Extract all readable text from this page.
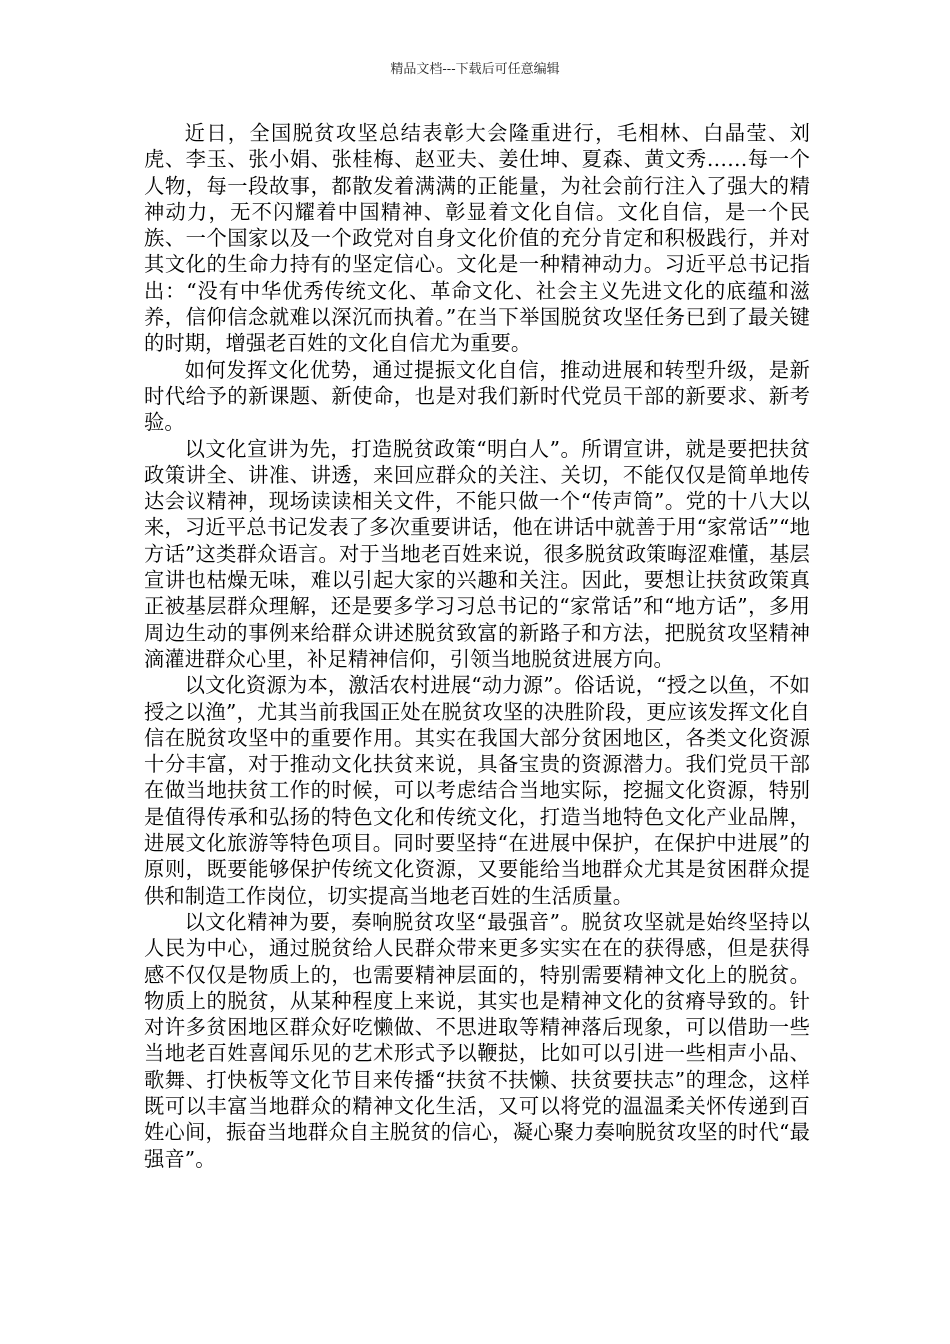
精品文档---下载后可任意编辑

近日，全国脱贫攻坚总结表彰大会隆重进行，毛相林、白晶莹、刘虎、李玉、张小娟、张桂梅、赵亚夫、姜仕坤、夏森、黄文秀……每一个人物，每一段故事，都散发着满满的正能量，为社会前行注入了强大的精神动力，无不闪耀着中国精神、彰显着文化自信。文化自信，是一个民族、一个国家以及一个政党对自身文化价值的充分肯定和积极践行，并对其文化的生命力持有的坚定信心。文化是一种精神动力。习近平总书记指出：“没有中华优秀传统文化、革命文化、社会主义先进文化的底蕴和滋养，信仰信念就难以深沉而执着。”在当下举国脱贫攻坚任务已到了最关键的时期，增强老百姓的文化自信尤为重要。

如何发挥文化优势，通过提振文化自信，推动进展和转型升级，是新时代给予的新课题、新使命，也是对我们新时代党员干部的新要求、新考验。

以文化宣讲为先，打造脱贫政策“明白人”。所谓宣讲，就是要把扶贫政策讲全、讲准、讲透，来回应群众的关注、关切，不能仅仅是简单地传达会议精神，现场读读相关文件，不能只做一个“传声筒”。党的十八大以来，习近平总书记发表了多次重要讲话，他在讲话中就善于用“家常话”“地方话”这类群众语言。对于当地老百姓来说，很多脱贫政策晦涩难懂，基层宣讲也枯燥无味，难以引起大家的兴趣和关注。因此，要想让扶贫政策真正被基层群众理解，还是要多学习习总书记的“家常话”和“地方话”，多用周边生动的事例来给群众讲述脱贫致富的新路子和方法，把脱贫攻坚精神滴灌进群众心里，补足精神信仰，引领当地脱贫进展方向。

以文化资源为本，激活农村进展“动力源”。俗话说，“授之以鱼，不如授之以渔”，尤其当前我国正处在脱贫攻坚的决胜阶段，更应该发挥文化自信在脱贫攻坚中的重要作用。其实在我国大部分贫困地区，各类文化资源十分丰富，对于推动文化扶贫来说，具备宝贵的资源潜力。我们党员干部在做当地扶贫工作的时候，可以考虑结合当地实际，挖掘文化资源，特别是值得传承和弘扬的特色文化和传统文化，打造当地特色文化产业品牌，进展文化旅游等特色项目。同时要坚持“在进展中保护，在保护中进展”的原则，既要能够保护传统文化资源，又要能给当地群众尤其是贫困群众提供和制造工作岗位，切实提高当地老百姓的生活质量。

以文化精神为要，奏响脱贫攻坚“最强音”。脱贫攻坚就是始终坚持以人民为中心，通过脱贫给人民群众带来更多实实在在的获得感，但是获得感不仅仅是物质上的，也需要精神层面的，特别需要精神文化上的脱贫。物质上的脱贫，从某种程度上来说，其实也是精神文化的贫瘠导致的。针对许多贫困地区群众好吃懒做、不思进取等精神落后现象，可以借助一些当地老百姓喜闻乐见的艺术形式予以鞭挞，比如可以引进一些相声小品、歌舞、打快板等文化节目来传播“扶贫不扶懒、扶贫要扶志”的理念，这样既可以丰富当地群众的精神文化生活，又可以将党的温温柔关怀传递到百姓心间，振奋当地群众自主脱贫的信心，凝心聚力奏响脱贫攻坚的时代“最强音”。
